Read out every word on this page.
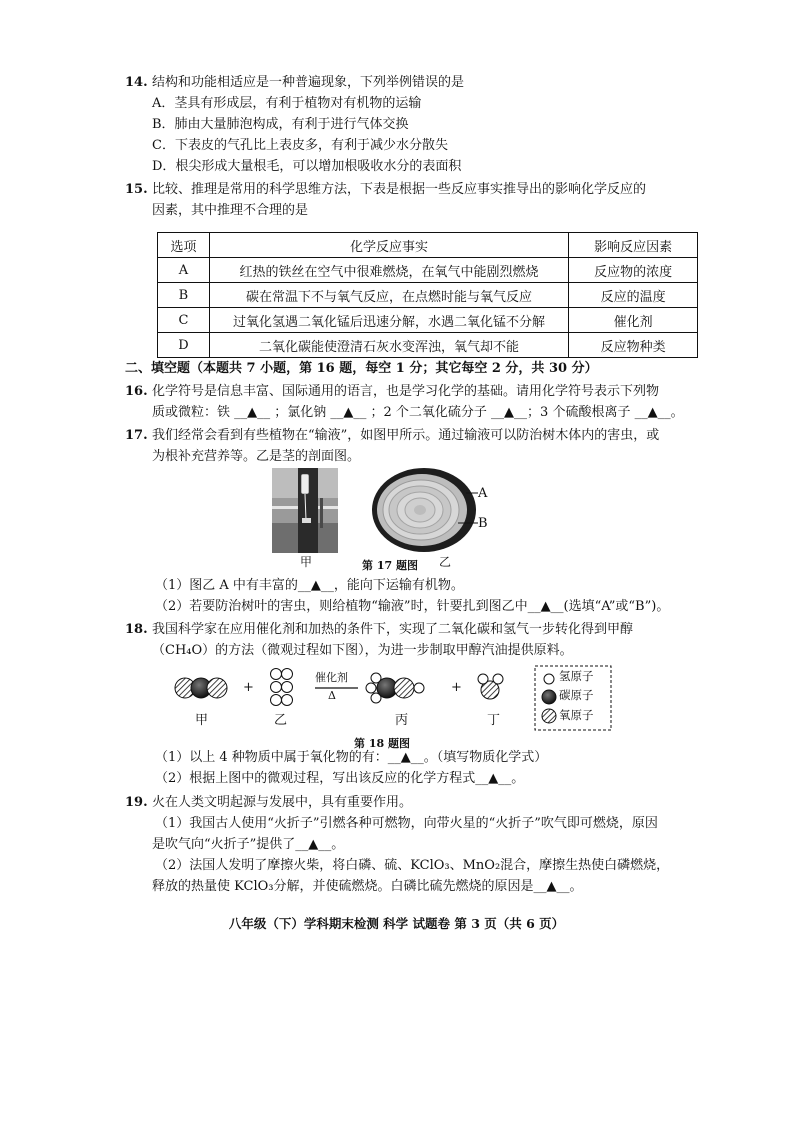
14. 结构和功能相适应是一种普遍现象，下列举例错误的是
A．茎具有形成层，有利于植物对有机物的运输
B．肺由大量肺泡构成，有利于进行气体交换
C．下表皮的气孔比上表皮多，有利于减少水分散失
D．根尖形成大量根毛，可以增加根吸收水分的表面积
15. 比较、推理是常用的科学思维方法，下表是根据一些反应事实推导出的影响化学反应的
因素，其中推理不合理的是
选项	化学反应事实	影响反应因素
A	红热的铁丝在空气中很难燃烧，在氧气中能剧烈燃烧	反应物的浓度
B	碳在常温下不与氧气反应，在点燃时能与氧气反应	反应的温度
C	过氧化氢遇二氧化锰后迅速分解，水遇二氧化锰不分解	催化剂
D	二氧化碳能使澄清石灰水变浑浊，氧气却不能	反应物种类
二、填空题（本题共 7 小题，第 16 题，每空 1 分；其它每空 2 分，共 30 分）
16. 化学符号是信息丰富、国际通用的语言，也是学习化学的基础。请用化学符号表示下列物
质或微粒：铁 __▲__ ；氯化钠 __▲__ ；2 个二氧化硫分子 __▲__；3 个硫酸根离子 __▲__。
17. 我们经常会看到有些植物在“输液”，如图甲所示。通过输液可以防治树木体内的害虫，或
为根补充营养等。乙是茎的剖面图。
A
B
甲	第 17 题图 乙
（1）图乙 A 中有丰富的__▲__，能向下运输有机物。
（2）若要防治树叶的害虫，则给植物“输液”时，针要扎到图乙中__▲__(选填“A”或“B”)。
18. 我国科学家在应用催化剂和加热的条件下，实现了二氧化碳和氢气一步转化得到甲醇
（CH₄O）的方法（微观过程如下图），为进一步制取甲醇汽油提供原料。
+	+
催化剂
Δ
氢原子
碳原子
氧原子
甲	乙	丙	丁
第 18 题图
（1）以上 4 种物质中属于氧化物的有：__▲__。（填写物质化学式）
（2）根据上图中的微观过程，写出该反应的化学方程式__▲__。
19. 火在人类文明起源与发展中，具有重要作用。
（1）我国古人使用“火折子”引燃各种可燃物，向带火星的“火折子”吹气即可燃烧，原因
是吹气向“火折子”提供了__▲__。
（2）法国人发明了摩擦火柴，将白磷、硫、KClO₃、MnO₂混合，摩擦生热使白磷燃烧，
释放的热量使 KClO₃分解，并使硫燃烧。白磷比硫先燃烧的原因是__▲__。
八年级（下）学科期末检测 科学 试题卷 第 3 页（共 6 页）
